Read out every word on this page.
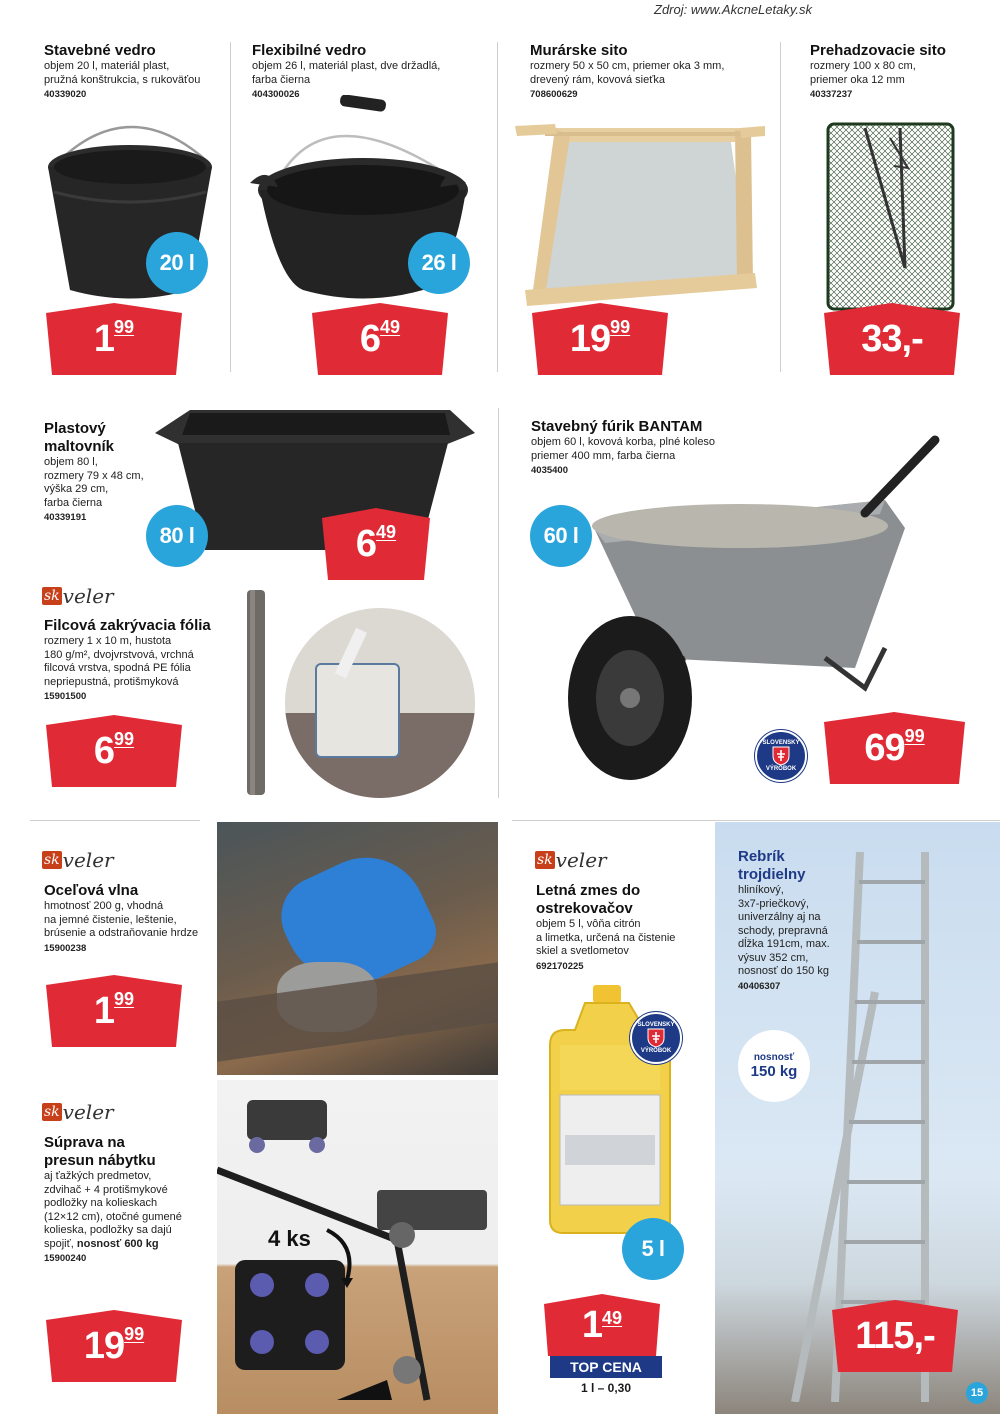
Zdroj: www.AkcneLetaky.sk
Stavebné vedro
objem 20 l, materiál plast,
pružná konštrukcia, s rukoväťou
40339020
20 l
1 99
Flexibilné vedro
objem 26 l, materiál plast, dve držadlá,
farba čierna
404300026
26 l
6 49
Murárske sito
rozmery 50 x 50 cm, priemer oka 3 mm,
drevený rám, kovová sieťka
708600629
19 99
Prehadzovacie sito
rozmery 100 x 80 cm,
priemer oka 12 mm
40337237
33,-
Plastový
maltovník
objem 80 l,
rozmery 79 x 48 cm,
výška 29 cm,
farba čierna
40339191
80 l	6 49
Stavebný fúrik BANTAM
objem 60 l, kovová korba, plné koleso
priemer 400 mm, farba čierna
4035400
60 l
SLOVENSKÝ
VÝROBOK 69 99
sk veler
Filcová zakrývacia fólia
rozmery 1 x 10 m, hustota
180 g/m², dvojvrstvová, vrchná
filcová vrstva, spodná PE fólia
nepriepustná, protišmyková
15901500
6 99
sk veler
Oceľová vlna
hmotnosť 200 g, vhodná
na jemné čistenie, leštenie,
brúsenie a odstraňovanie hrdze
15900238
1 99
sk veler
Letná zmes do
ostrekovačov
objem 5 l, vôňa citrón
a limetka, určená na čistenie
skiel a svetlometov
692170225
SLOVENSKÝ
VÝROBOK
5 l
1 49
TOP CENA
1 l – 0,30
Rebrík
trojdielny
hliníkový,
3x7-priečkový,
univerzálny aj na
schody, prepravná
dĺžka 191cm, max.
výsuv 352 cm,
nosnosť do 150 kg
40406307
nosnosť
150 kg
115,-
15
sk veler
Súprava na
presun nábytku
aj ťažkých predmetov,
zdvihač + 4 protišmykové
podložky na kolieskach
(12×12 cm), otočné gumené
kolieska, podložky sa dajú
spojiť, nosnosť 600 kg
15900240
4 ks
19 99
